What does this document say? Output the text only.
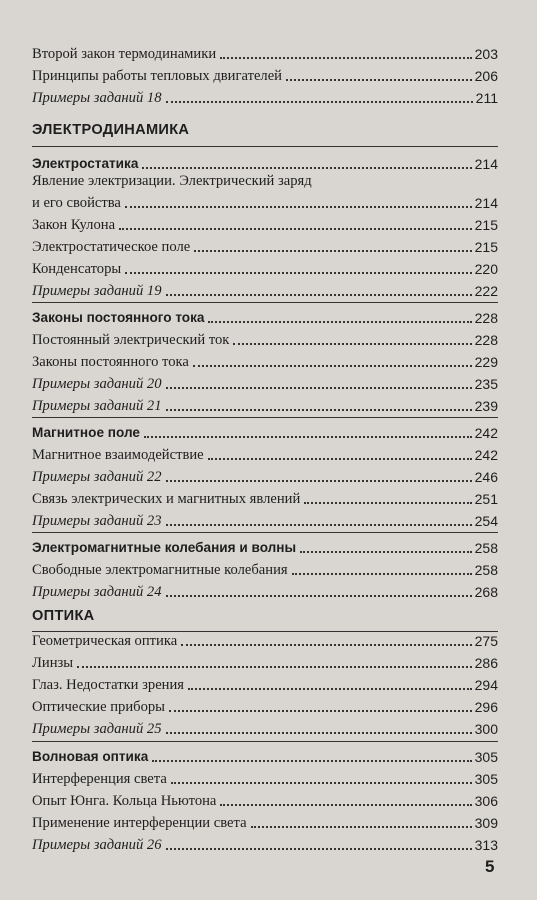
Второй закон термодинамики	203
Принципы работы тепловых двигателей	206
Примеры заданий 18	211
ЭЛЕКТРОДИНАМИКА
Электростатика	214
Явление электризации. Электрический заряд
и его свойства	214
Закон Кулона	215
Электростатическое поле	215
Конденсаторы	220
Примеры заданий 19	222
Законы постоянного тока	228
Постоянный электрический ток	228
Законы постоянного тока	229
Примеры заданий 20	235
Примеры заданий 21	239
Магнитное поле	242
Магнитное взаимодействие	242
Примеры заданий 22	246
Связь электрических и магнитных явлений	251
Примеры заданий 23	254
Электромагнитные колебания и волны	258
Свободные электромагнитные колебания	258
Примеры заданий 24	268
ОПТИКА
Геометрическая оптика	275
Линзы	286
Глаз. Недостатки зрения	294
Оптические приборы	296
Примеры заданий 25	300
Волновая оптика	305
Интерференция света	305
Опыт Юнга. Кольца Ньютона	306
Применение интерференции света	309
Примеры заданий 26	313
5
